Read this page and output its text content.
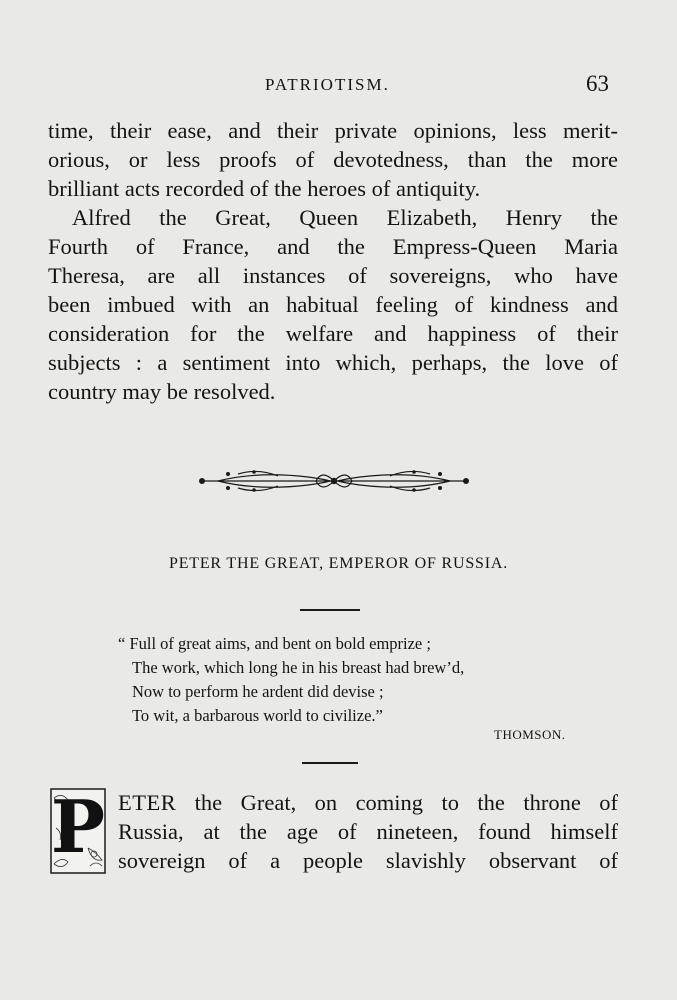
PATRIOTISM.	63
time, their ease, and their private opinions, less merit-
orious, or less proofs of devotedness, than the more
brilliant acts recorded of the heroes of antiquity.
Alfred the Great, Queen Elizabeth, Henry the
Fourth of France, and the Empress-Queen Maria
Theresa, are all instances of sovereigns, who have
been imbued with an habitual feeling of kindness and
consideration for the welfare and happiness of their
subjects : a sentiment into which, perhaps, the love of
country may be resolved.
PETER THE GREAT, EMPEROR OF RUSSIA.
“ Full of great aims, and bent on bold emprize ;
The work, which long he in his breast had brew’d,
Now to perform he ardent did devise ;
To wit, a barbarous world to civilize.”
THOMSON.
P ETER the Great, on coming to the throne of
Russia, at the age of nineteen, found himself
sovereign of a people slavishly observant of
